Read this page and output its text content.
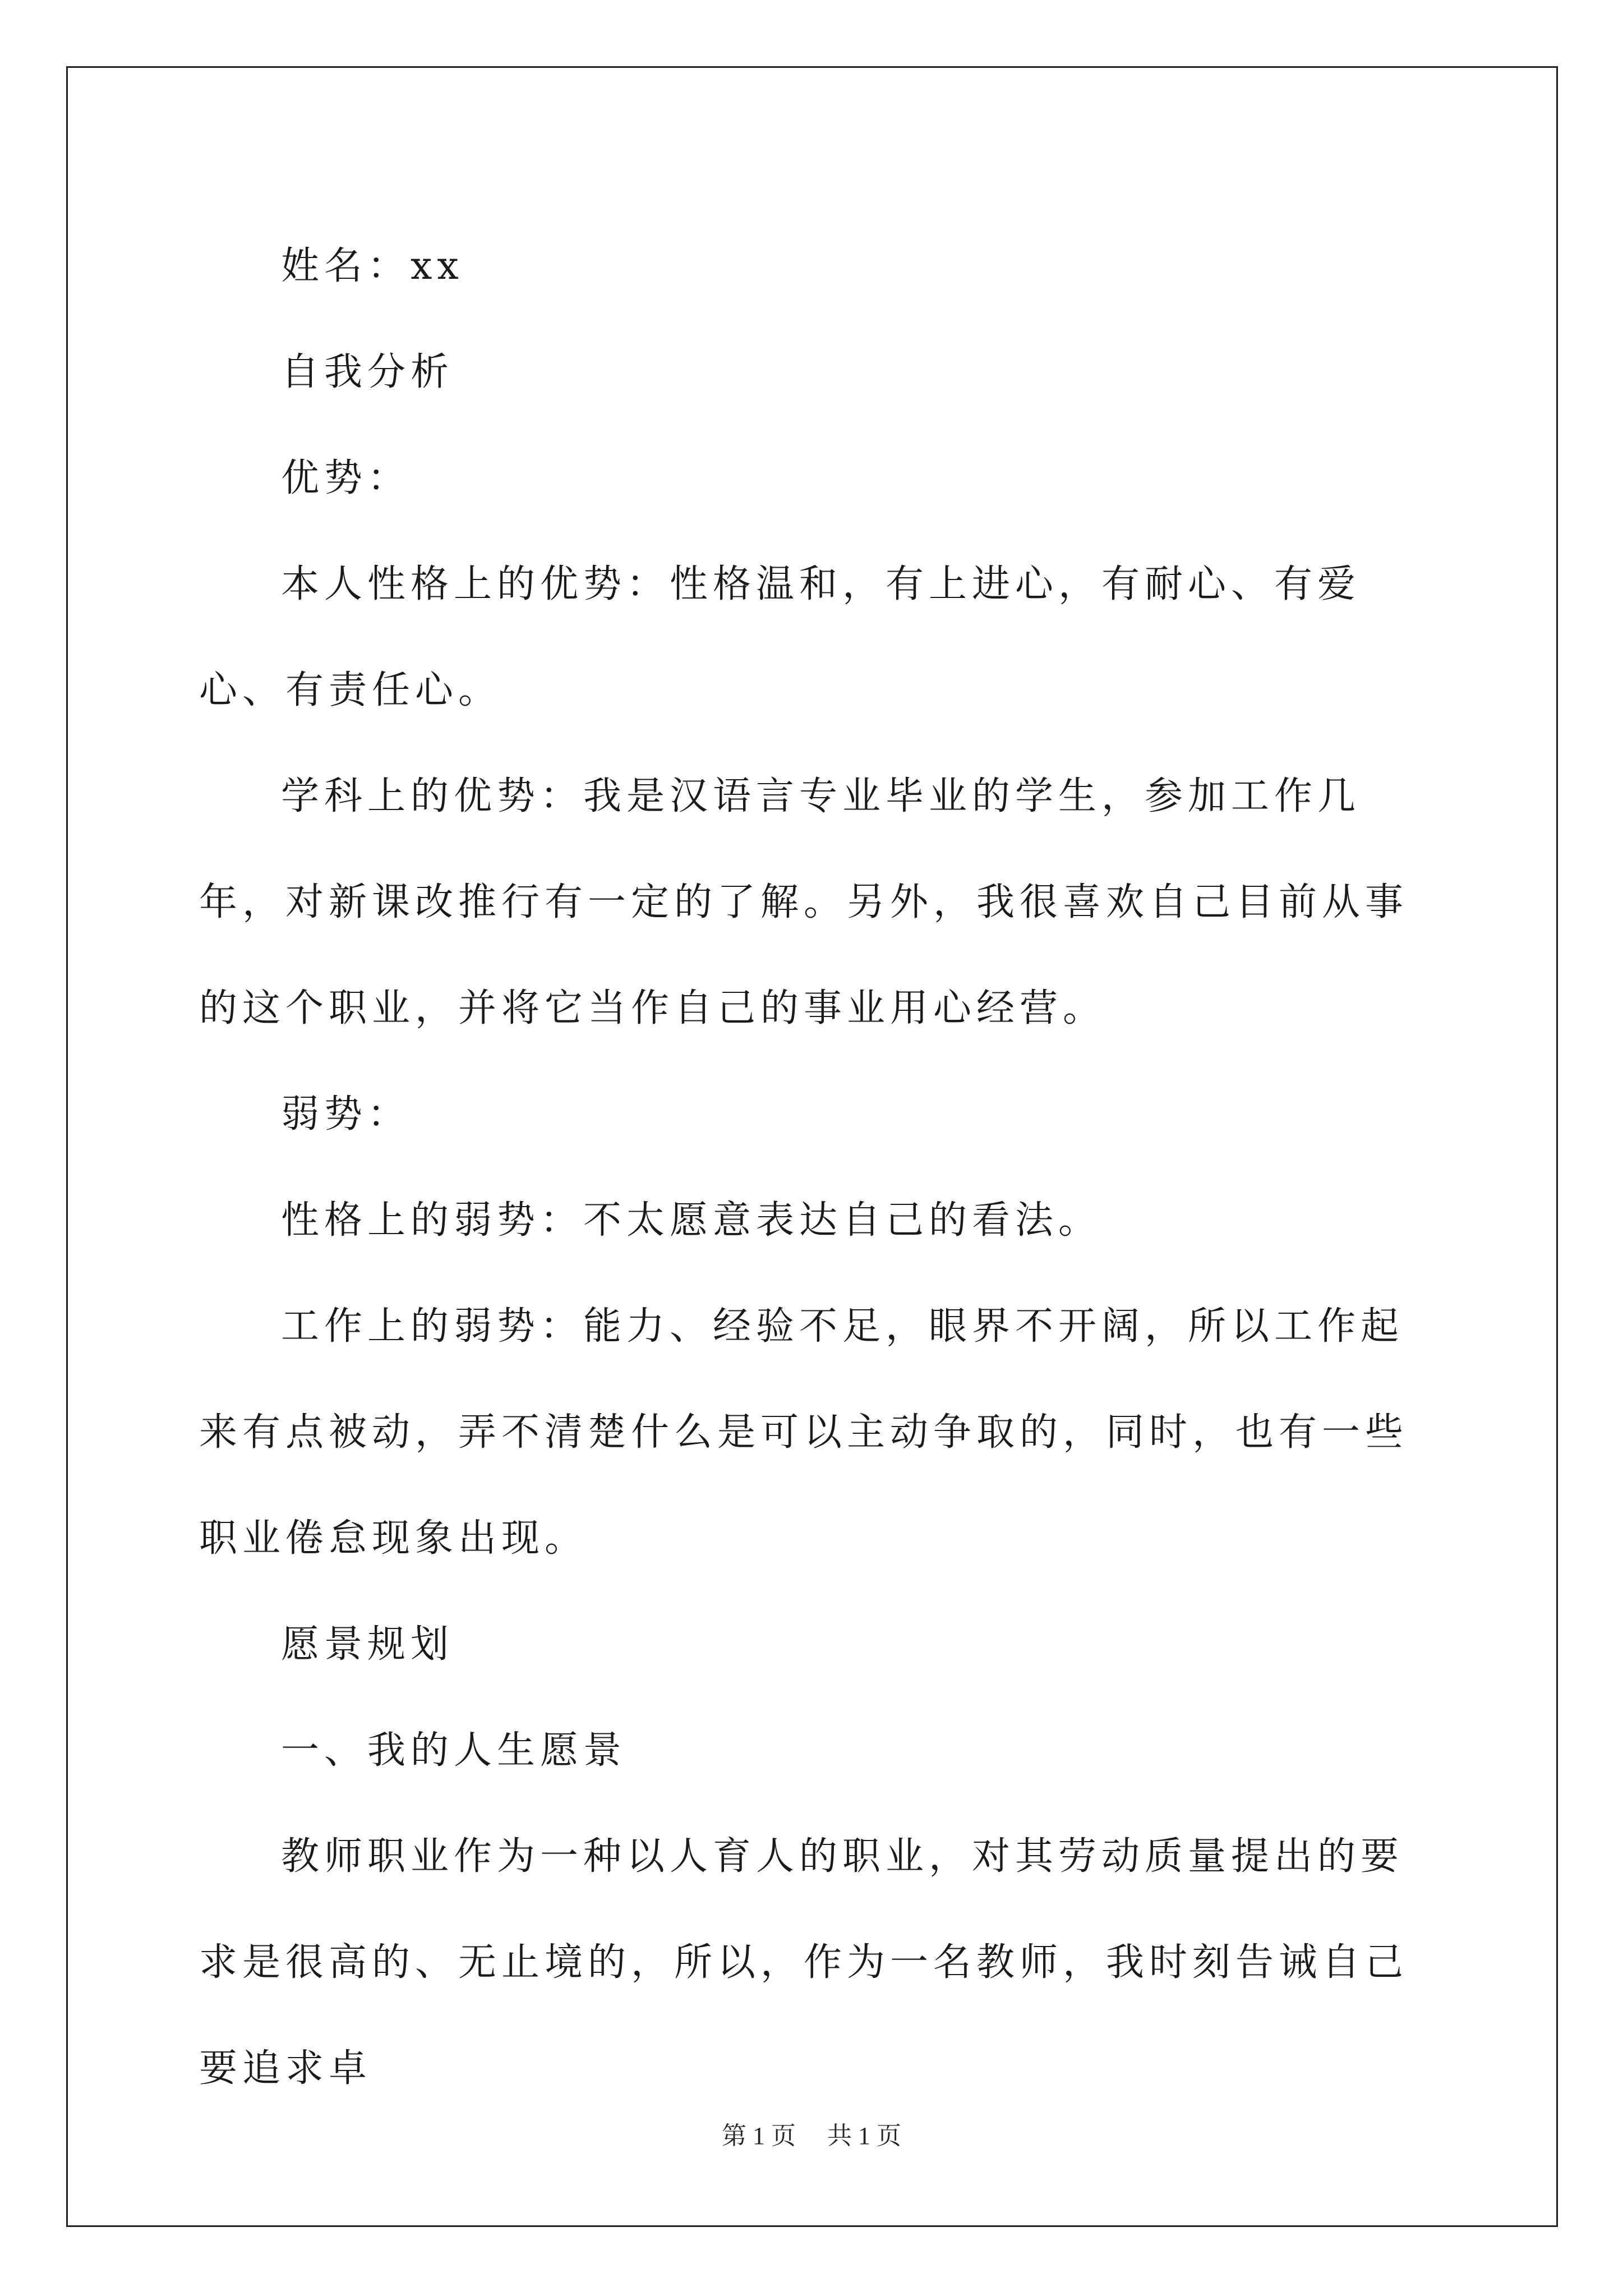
姓名：xx

自我分析

优势：

本人性格上的优势：性格温和，有上进心，有耐心、有爱心、有责任心。

学科上的优势：我是汉语言专业毕业的学生，参加工作几年，对新课改推行有一定的了解。另外，我很喜欢自己目前从事的这个职业，并将它当作自己的事业用心经营。

弱势：

性格上的弱势：不太愿意表达自己的看法。

工作上的弱势：能力、经验不足，眼界不开阔，所以工作起来有点被动，弄不清楚什么是可以主动争取的，同时，也有一些职业倦怠现象出现。

愿景规划

一、我的人生愿景

教师职业作为一种以人育人的职业，对其劳动质量提出的要求是很高的、无止境的，所以，作为一名教师，我时刻告诫自己要追求卓

第 1 页 共 1 页
